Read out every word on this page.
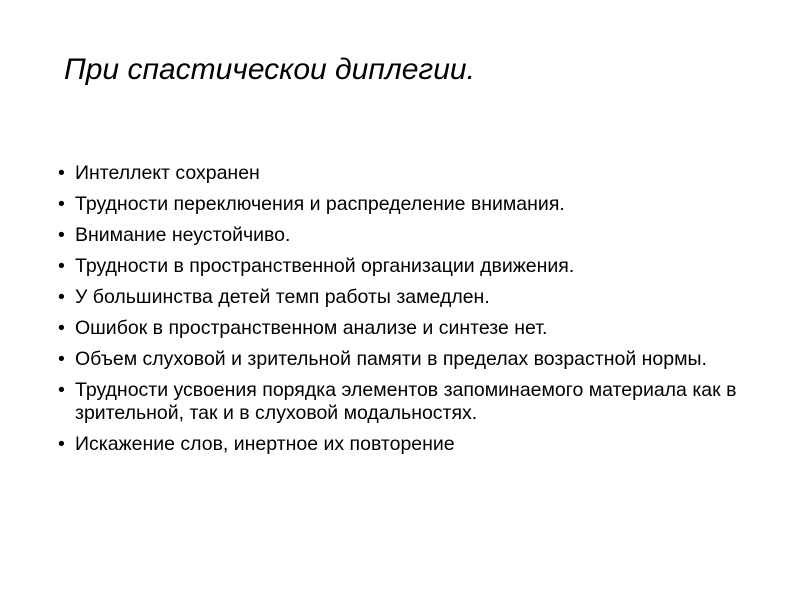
При спастическои диплегии.
• Интеллект сохранен
• Трудности переключения и распределение внимания.
• Внимание неустойчиво.
• Трудности в пространственной организации движения.
• У большинства детей темп работы замедлен.
• Ошибок в пространственном анализе и синтезе нет.
• Объем слуховой и зрительной памяти в пределах возрастной нормы.
• Трудности усвоения порядка элементов запоминаемого материала как в зрительной, так и в слуховой модальностях.
• Искажение слов, инертное их повторение
